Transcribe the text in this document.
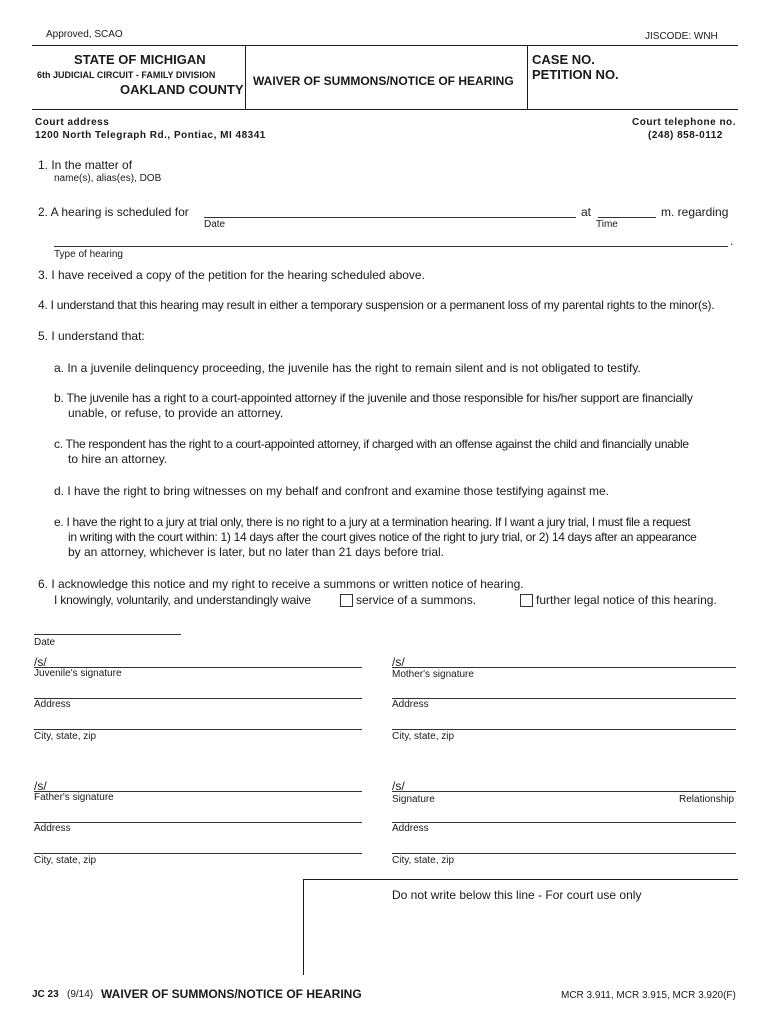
Approved, SCAO	JISCODE: WNH
STATE OF MICHIGAN
6th JUDICIAL CIRCUIT - FAMILY DIVISION
OAKLAND COUNTY
WAIVER OF SUMMONS/NOTICE OF HEARING
CASE NO.
PETITION NO.
Court address
1200 North Telegraph Rd., Pontiac, MI 48341
Court telephone no.
(248) 858-0112
1. In the matter of
name(s), alias(es), DOB
2. A hearing is scheduled for
Date
at
Time
m. regarding
.
Type of hearing
3. I have received a copy of the petition for the hearing scheduled above.
4. I understand that this hearing may result in either a temporary suspension or a permanent loss of my parental rights to the minor(s).
5. I understand that:
a. In a juvenile delinquency proceeding, the juvenile has the right to remain silent and is not obligated to testify.
b. The juvenile has a right to a court-appointed attorney if the juvenile and those responsible for his/her support are financially
unable, or refuse, to provide an attorney.
c. The respondent has the right to a court-appointed attorney, if charged with an offense against the child and financially unable
to hire an attorney.
d. I have the right to bring witnesses on my behalf and confront and examine those testifying against me.
e. I have the right to a jury at trial only, there is no right to a jury at a termination hearing. If I want a jury trial, I must file a request
in writing with the court within: 1) 14 days after the court gives notice of the right to jury trial, or 2) 14 days after an appearance
by an attorney, whichever is later, but no later than 21 days before trial.
6. I acknowledge this notice and my right to receive a summons or written notice of hearing.
I knowingly, voluntarily, and understandingly waive	service of a summons.	further legal notice of this hearing.
Date
/s/
Juvenile's signature
Address
City, state, zip
/s/
Mother's signature
Address
City, state, zip
/s/
Father's signature
Address
City, state, zip
/s/
Signature	Relationship
Address
City, state, zip
Do not write below this line - For court use only
JC 23 (9/14) WAIVER OF SUMMONS/NOTICE OF HEARING	MCR 3.911, MCR 3.915, MCR 3.920(F)
